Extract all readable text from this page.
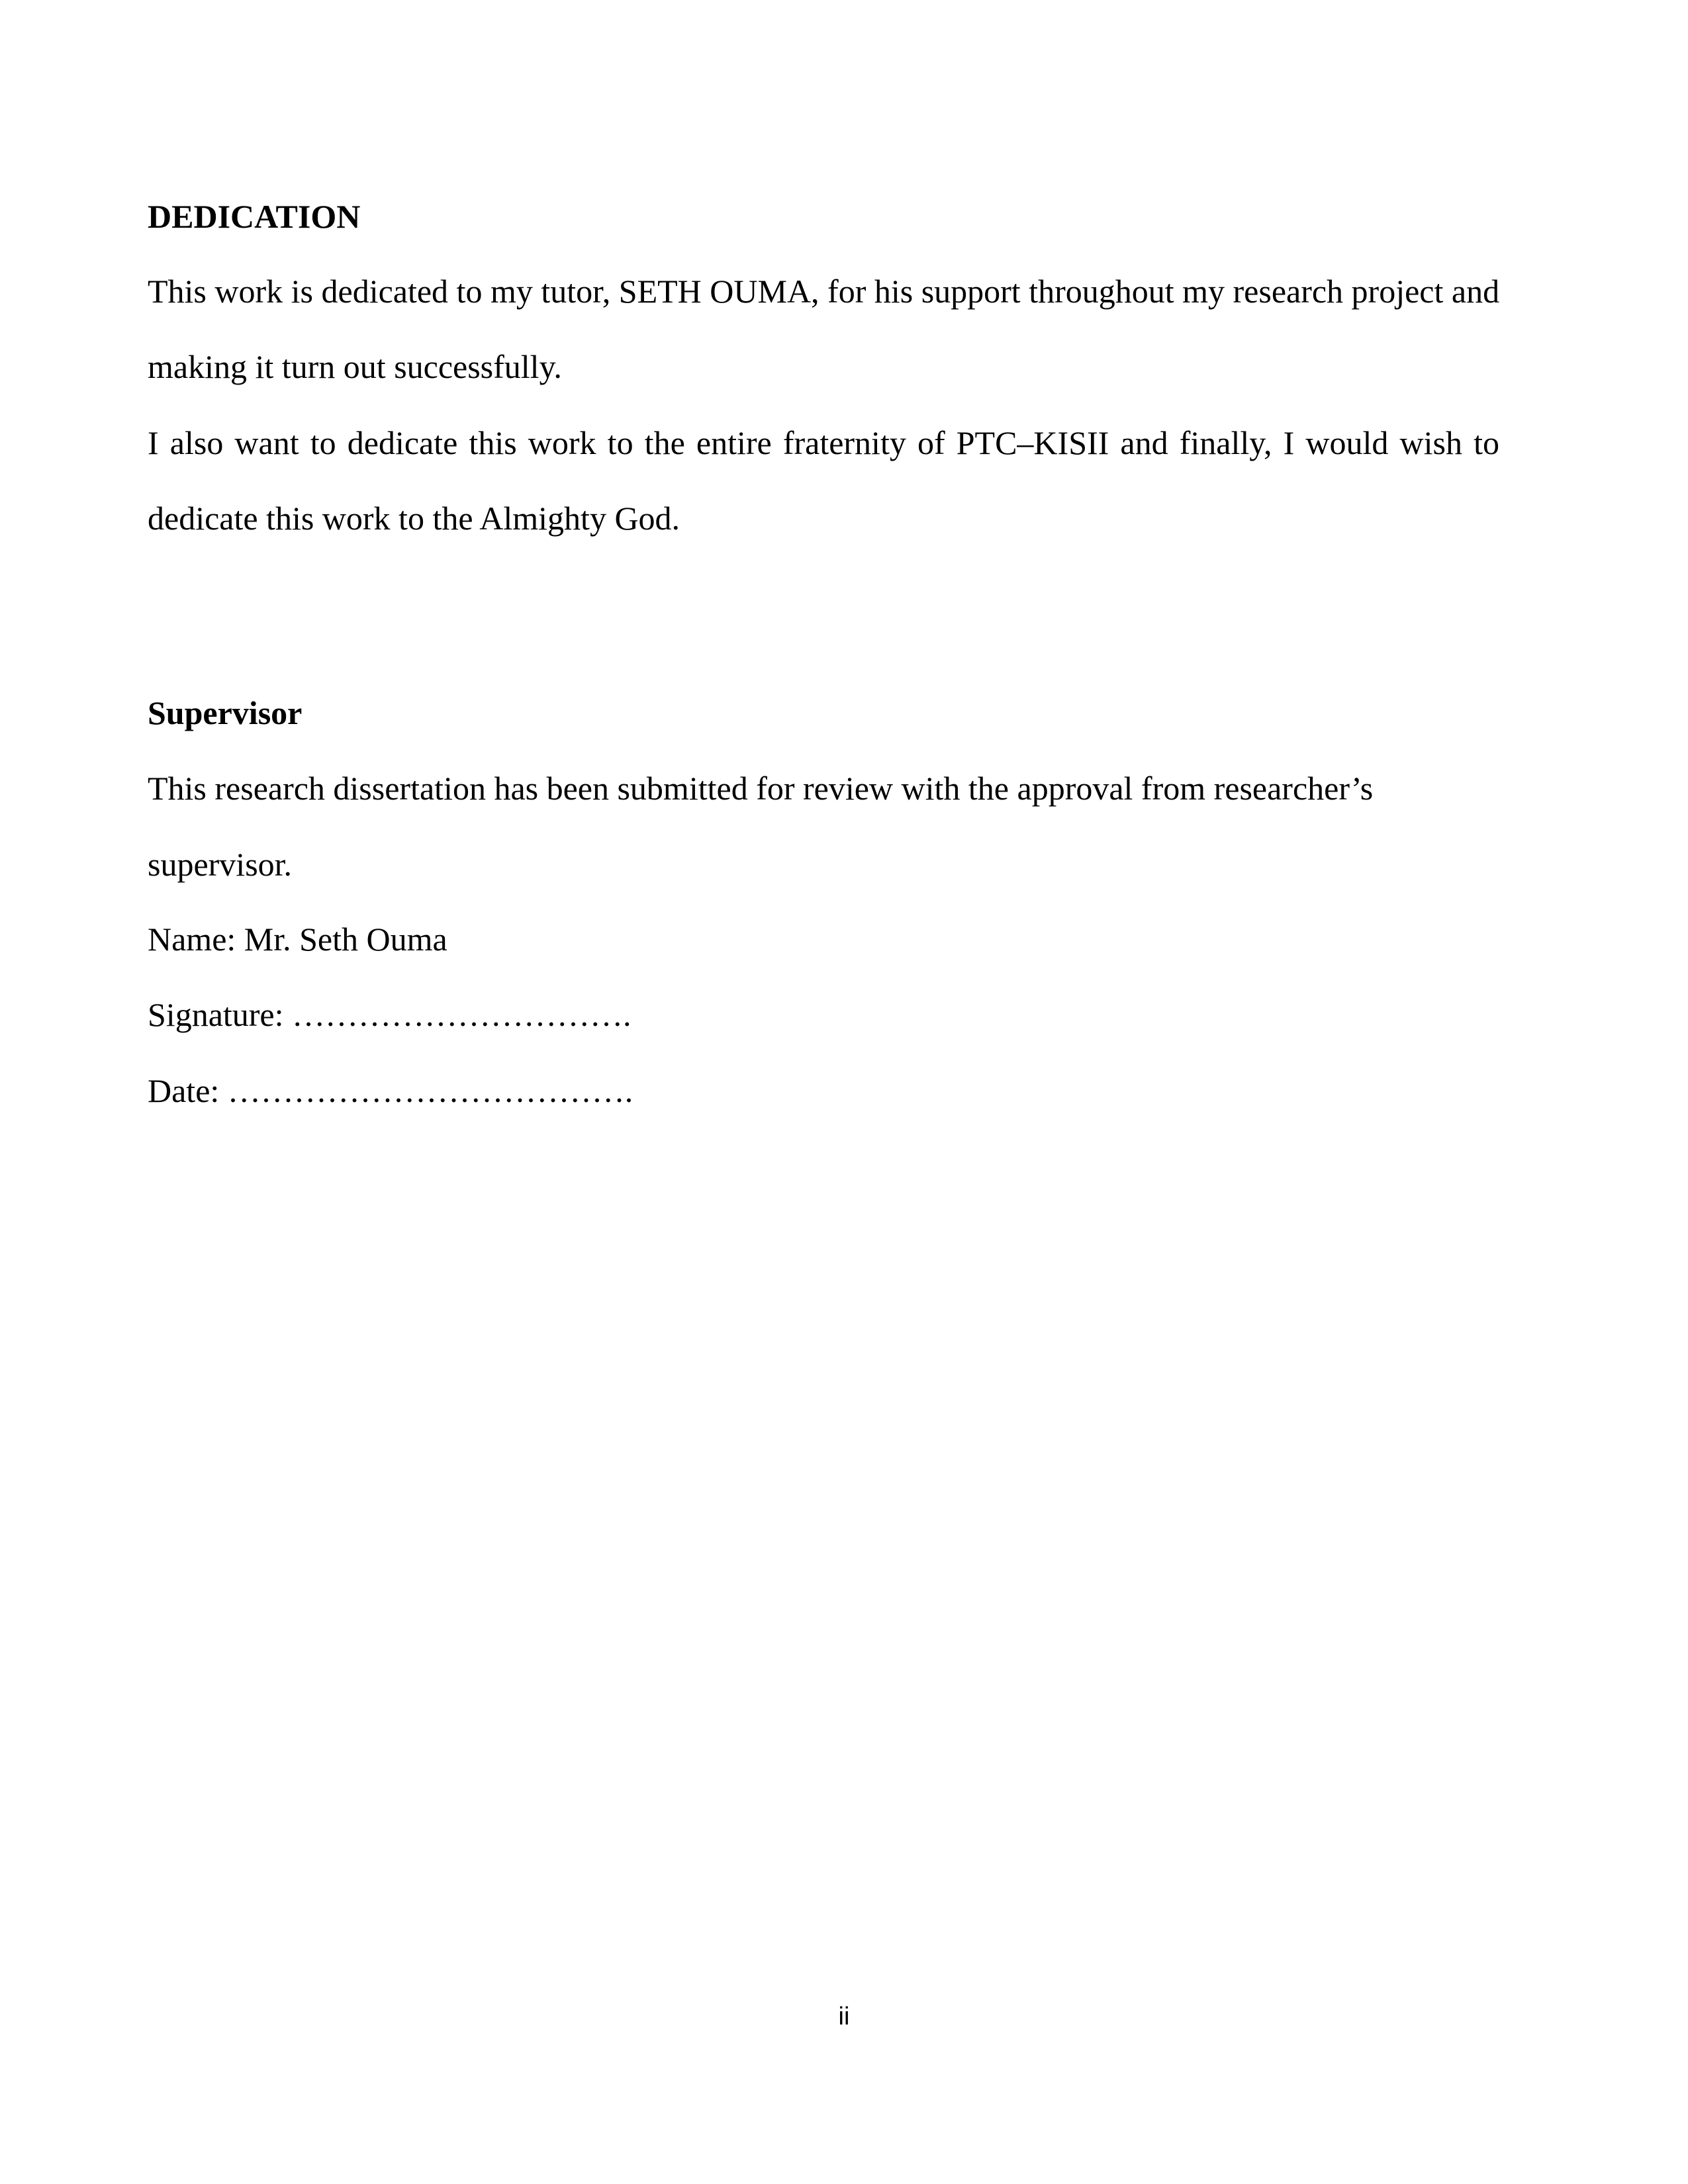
DEDICATION
This work is dedicated to my tutor, SETH OUMA, for his support throughout my research project and
making it turn out successfully.
I also want to dedicate this work to the entire fraternity of PTC–KISII and finally, I would wish to
dedicate this work to the Almighty God.
Supervisor
This research dissertation has been submitted for review with the approval from researcher’s
supervisor.
Name: Mr. Seth Ouma
Signature: ………………………….
Date: ……………………………….
ii
